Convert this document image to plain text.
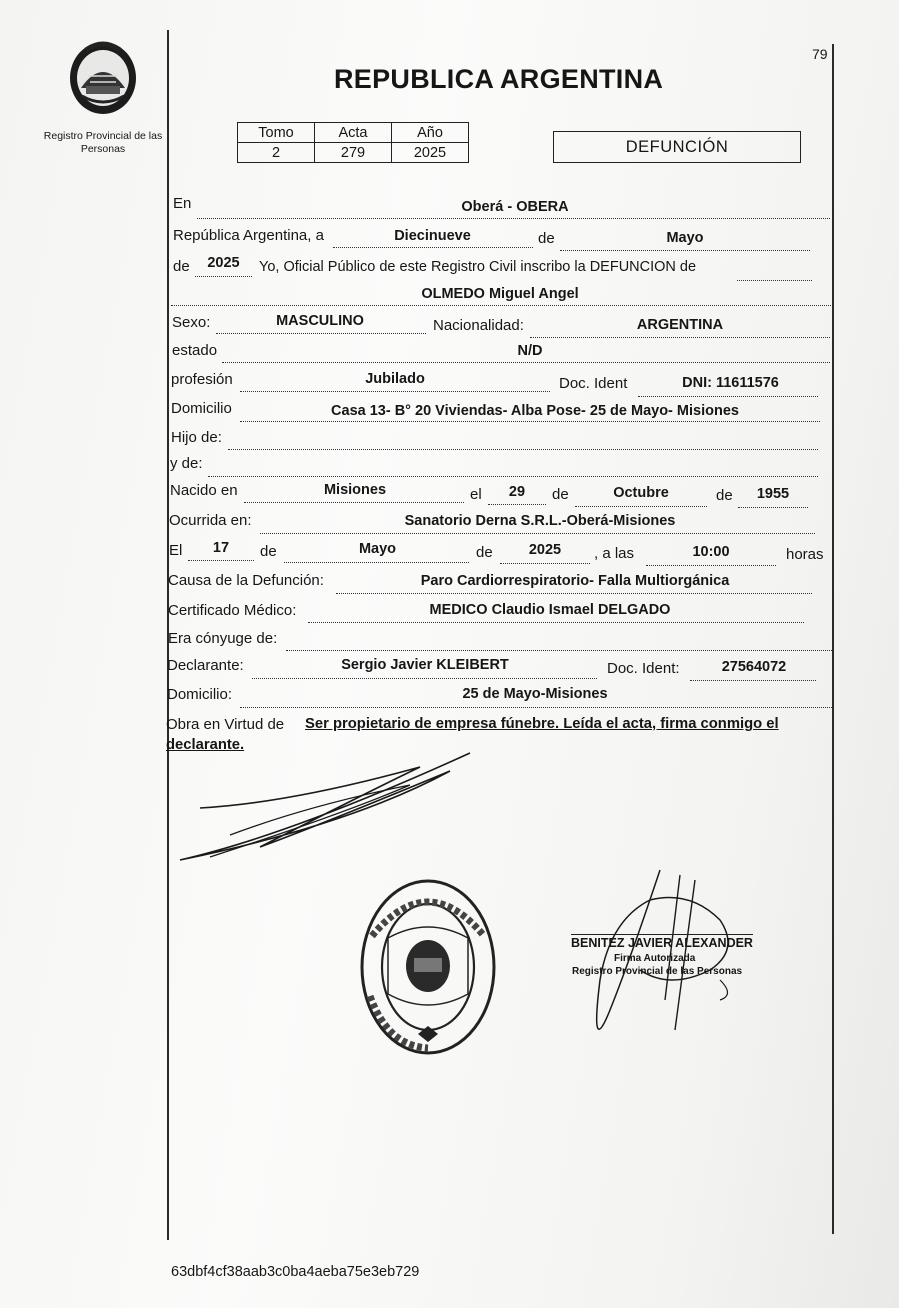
79
Registro Provincial de las Personas
REPUBLICA ARGENTINA
Tomo	Acta	Año
2	279	2025	DEFUNCIÓN
En	Oberá - OBERA
República Argentina, a	Diecinueve	de	Mayo
de	2025	Yo, Oficial Público de este Registro Civil inscribo la DEFUNCION de
OLMEDO Miguel Angel
Sexo:	MASCULINO	Nacionalidad:	ARGENTINA
estado	N/D
profesión	Jubilado	Doc. Ident	DNI: 11611576
Domicilio	Casa 13- B° 20 Viviendas- Alba Pose- 25 de Mayo- Misiones
Hijo de:
y de:
Nacido en	Misiones	el	29	de	Octubre	de	1955
Ocurrida en:	Sanatorio Derna S.R.L.-Oberá-Misiones
El	17	de	Mayo	de	2025	, a las	10:00	horas
Causa de la Defunción:	Paro Cardiorrespiratorio- Falla Multiorgánica
Certificado Médico:	MEDICO Claudio Ismael DELGADO
Era cónyuge de:
Declarante:	Sergio Javier KLEIBERT	Doc. Ident:	27564072
Domicilio:	25 de Mayo-Misiones
Obra en Virtud de Ser propietario de empresa fúnebre. Leída el acta, firma conmigo el
declarante.
BENITEZ JAVIER ALEXANDER
Firma Autorizada
Registro Provincial de las Personas
63dbf4cf38aab3c0ba4aeba75e3eb729
